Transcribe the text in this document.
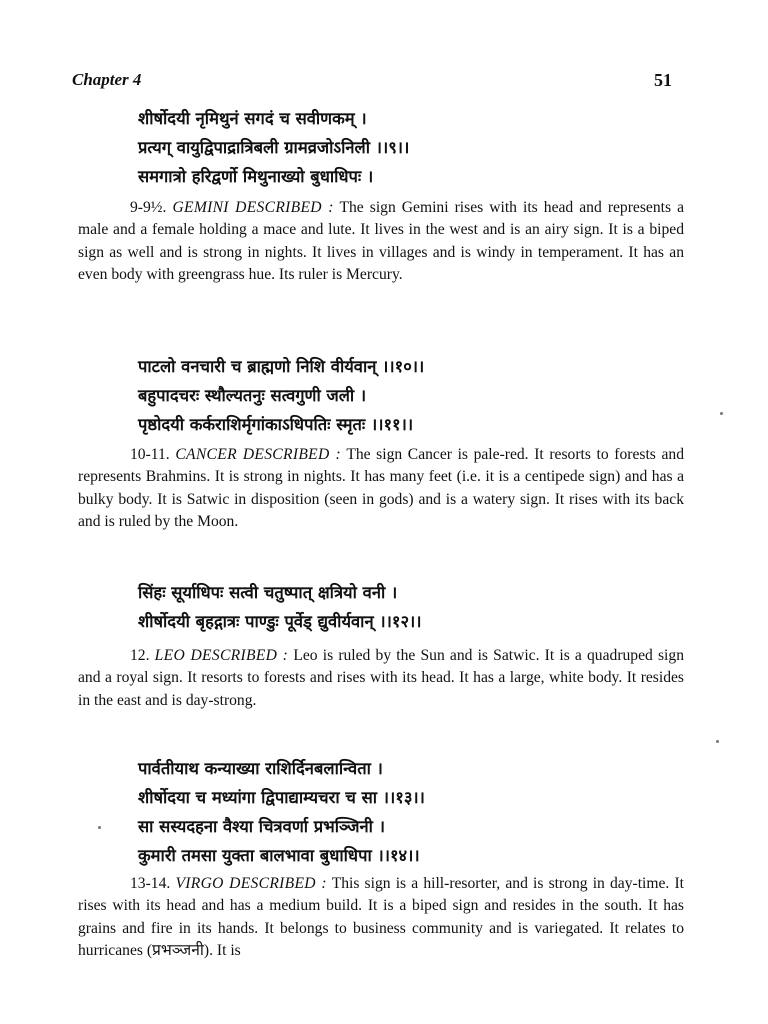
Chapter 4	51
शीर्षोदयी नृमिथुनं सगदं च सवीणकम् ।
प्रत्यग् वायुद्विपाद्रात्रिबली ग्रामव्रजोऽनिली ।।९।।
समगात्रो हरिद्वर्णो मिथुनाख्यो बुधाधिपः ।
9-9½. GEMINI DESCRIBED : The sign Gemini rises with its head and represents a male and a female holding a mace and lute. It lives in the west and is an airy sign. It is a biped sign as well and is strong in nights. It lives in villages and is windy in temperament. It has an even body with greengrass hue. Its ruler is Mercury.
पाटलो वनचारी च ब्राह्मणो निशि वीर्यवान् ।।१०।।
बहुपादचरः स्थौल्यतनुः सत्वगुणी जली ।
पृष्ठोदयी कर्कराशिर्मृगांकाऽधिपतिः स्मृतः ।।११।।
10-11. CANCER DESCRIBED : The sign Cancer is pale-red. It resorts to forests and represents Brahmins. It is strong in nights. It has many feet (i.e. it is a centipede sign) and has a bulky body. It is Satwic in disposition (seen in gods) and is a watery sign. It rises with its back and is ruled by the Moon.
सिंहः सूर्याधिपः सत्वी चतुष्पात् क्षत्रियो वनी ।
शीर्षोदयी बृहद्गात्रः पाण्डुः पूर्वेड् द्युवीर्यवान् ।।१२।।
12. LEO DESCRIBED : Leo is ruled by the Sun and is Satwic. It is a quadruped sign and a royal sign. It resorts to forests and rises with its head. It has a large, white body. It resides in the east and is day-strong.
पार्वतीयाथ कन्याख्या राशिर्दिनबलान्विता ।
शीर्षोदया च मध्यांगा द्विपाद्याम्यचरा च सा ।।१३।।
सा सस्यदहना वैश्या चित्रवर्णा प्रभञ्जिनी ।
कुमारी तमसा युक्ता बालभावा बुधाधिपा ।।१४।।
13-14. VIRGO DESCRIBED : This sign is a hill-resorter, and is strong in day-time. It rises with its head and has a medium build. It is a biped sign and resides in the south. It has grains and fire in its hands. It belongs to business community and is variegated. It relates to hurricanes (प्रभञ्जनी). It is
